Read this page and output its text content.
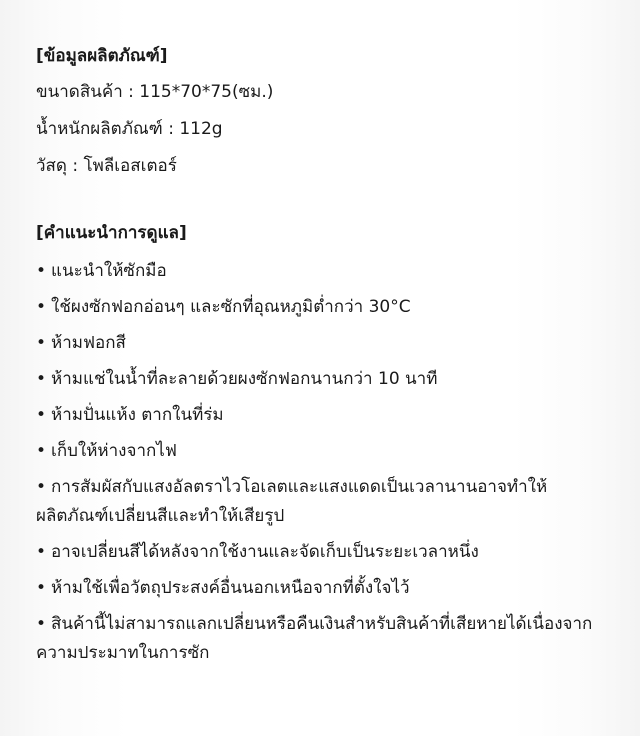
[ข้อมูลผลิตภัณฑ์]
ขนาดสินค้า : 115*70*75(ซม.)
น้ำหนักผลิตภัณฑ์ : 112g
วัสดุ : โพลีเอสเตอร์
[คำแนะนำการดูแล]
• แนะนำให้ซักมือ
• ใช้ผงซักฟอกอ่อนๆ และซักที่อุณหภูมิต่ำกว่า 30°C
• ห้ามฟอกสี
• ห้ามแช่ในน้ำที่ละลายด้วยผงซักฟอกนานกว่า 10 นาที
• ห้ามปั่นแห้ง ตากในที่ร่ม
• เก็บให้ห่างจากไฟ
• การสัมผัสกับแสงอัลตราไวโอเลตและแสงแดดเป็นเวลานานอาจทำให้ผลิตภัณฑ์เปลี่ยนสีและทำให้เสียรูป
• อาจเปลี่ยนสีได้หลังจากใช้งานและจัดเก็บเป็นระยะเวลาหนึ่ง
• ห้ามใช้เพื่อวัตถุประสงค์อื่นนอกเหนือจากที่ตั้งใจไว้
• สินค้านี้ไม่สามารถแลกเปลี่ยนหรือคืนเงินสำหรับสินค้าที่เสียหายได้เนื่องจากความประมาทในการซัก
